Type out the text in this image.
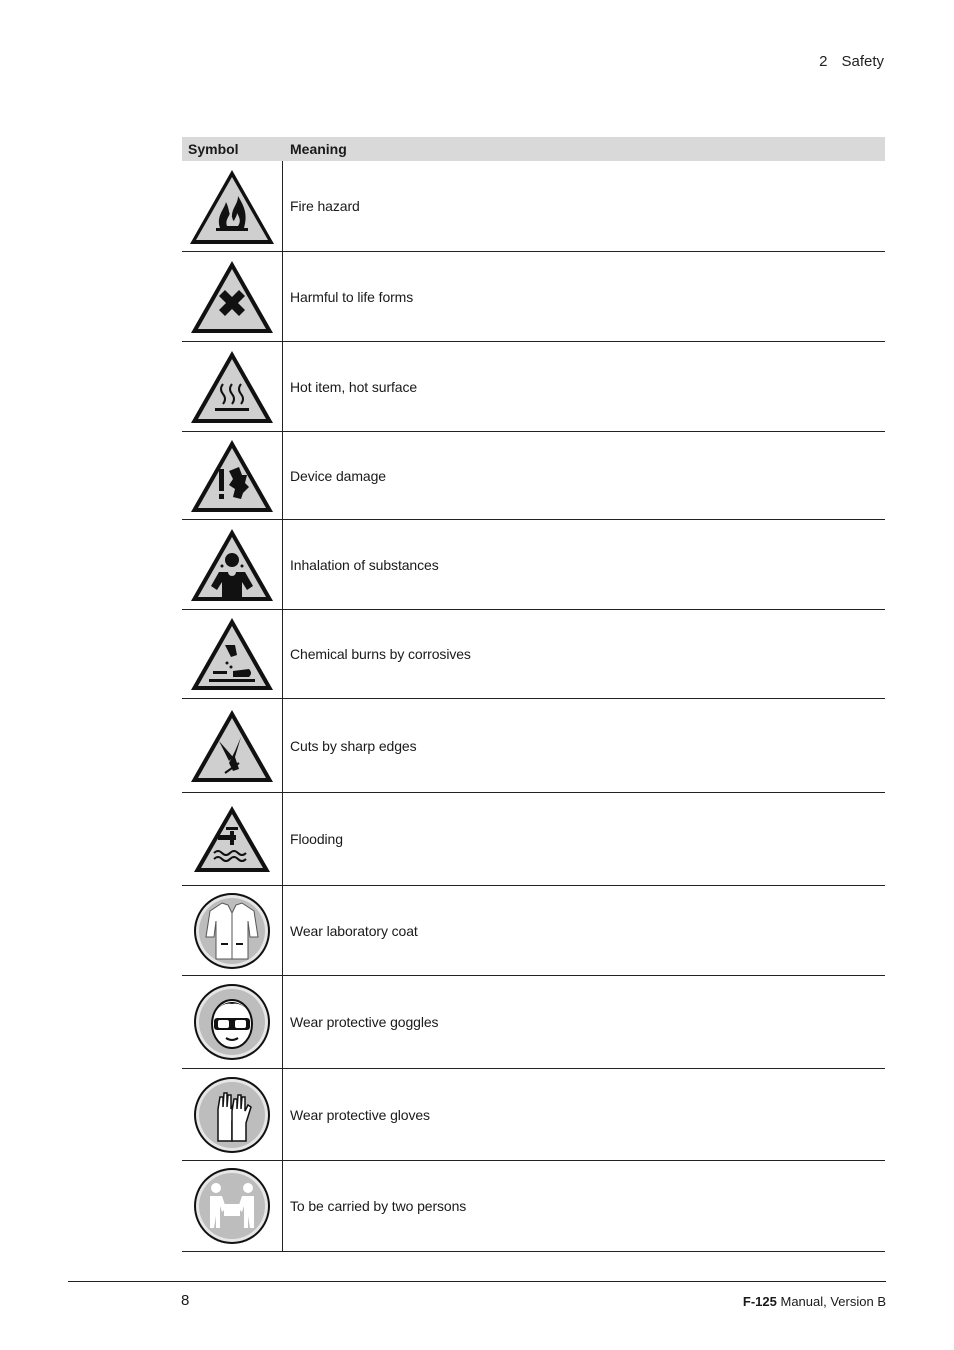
2 Safety
Symbol	Meaning
Fire hazard
Harmful to life forms
Hot item, hot surface
Device damage
Inhalation of substances
Chemical burns by corrosives
Cuts by sharp edges
Flooding
Wear laboratory coat
Wear protective goggles
Wear protective gloves
To be carried by two persons
8	F-125 Manual, Version B
